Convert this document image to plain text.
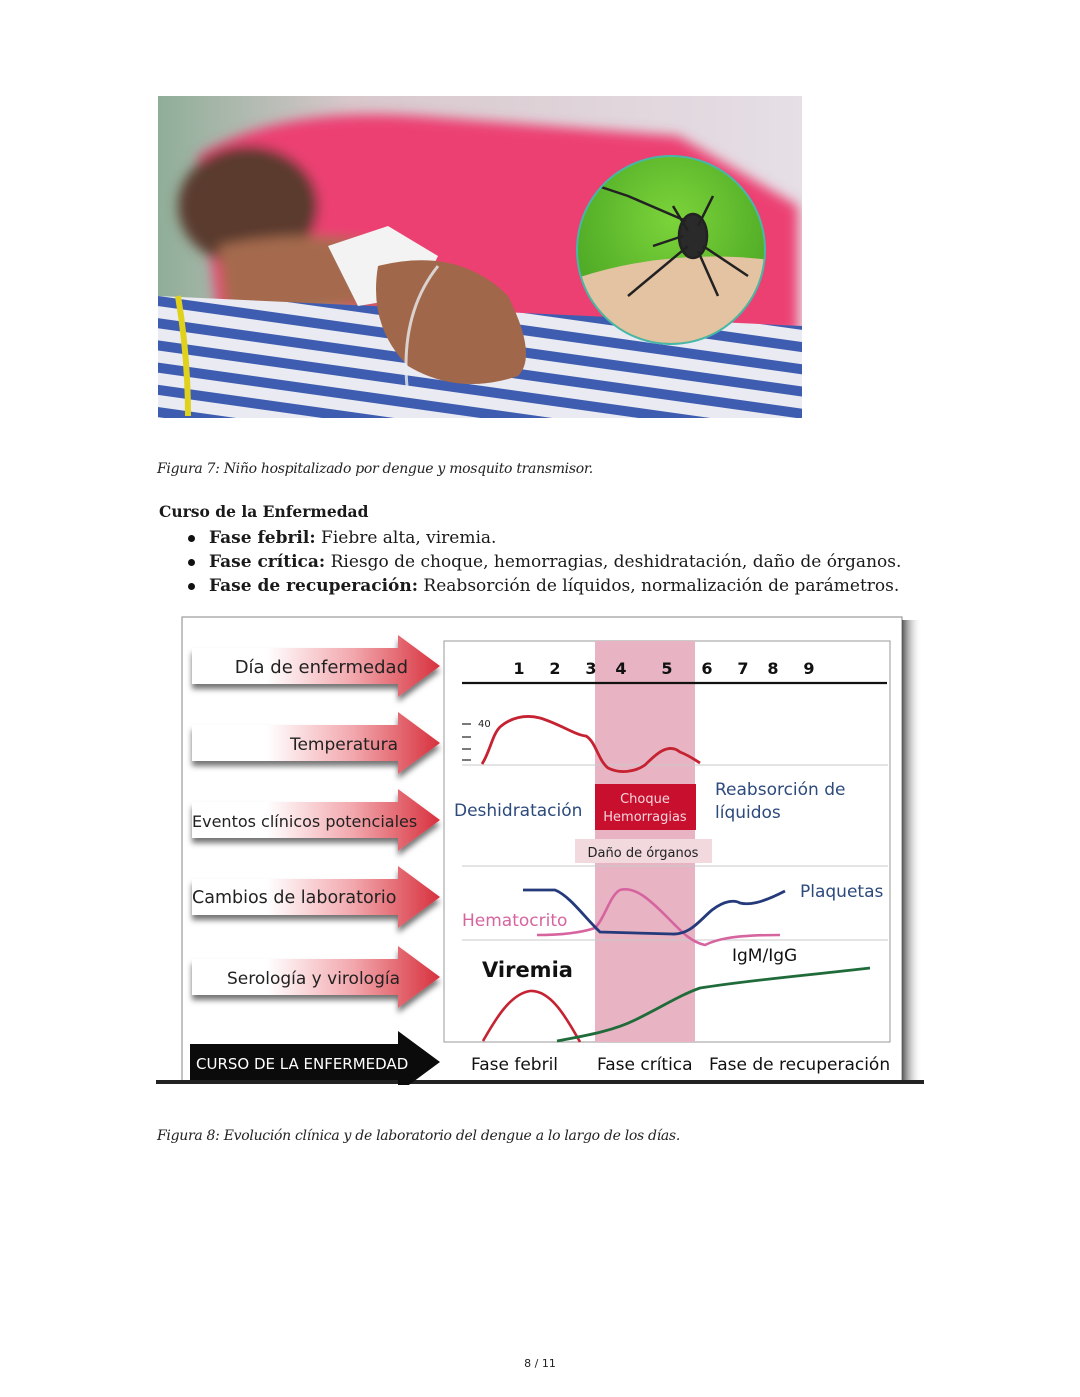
Figura 7: Niño hospitalizado por dengue y mosquito transmisor.
Curso de la Enfermedad
Fase febril: Fiebre alta, viremia.
Fase crítica: Riesgo de choque, hemorragias, deshidratación, daño de órganos.
Fase de recuperación: Reabsorción de líquidos, normalización de parámetros.
Día de enfermedad
Temperatura
Eventos clínicos potenciales
Cambios de laboratorio
Serología y virología
CURSO DE LA ENFERMEDAD
1 2 3 4 5 6 7 8 9
40
Deshidratación
Choque
Hemorragias
Daño de órganos
Reabsorción de
líquidos
Plaquetas
Hematocrito
Viremia
IgM/IgG
Fase febril Fase crítica Fase de recuperación
Figura 8: Evolución clínica y de laboratorio del dengue a lo largo de los días.
8 / 11
